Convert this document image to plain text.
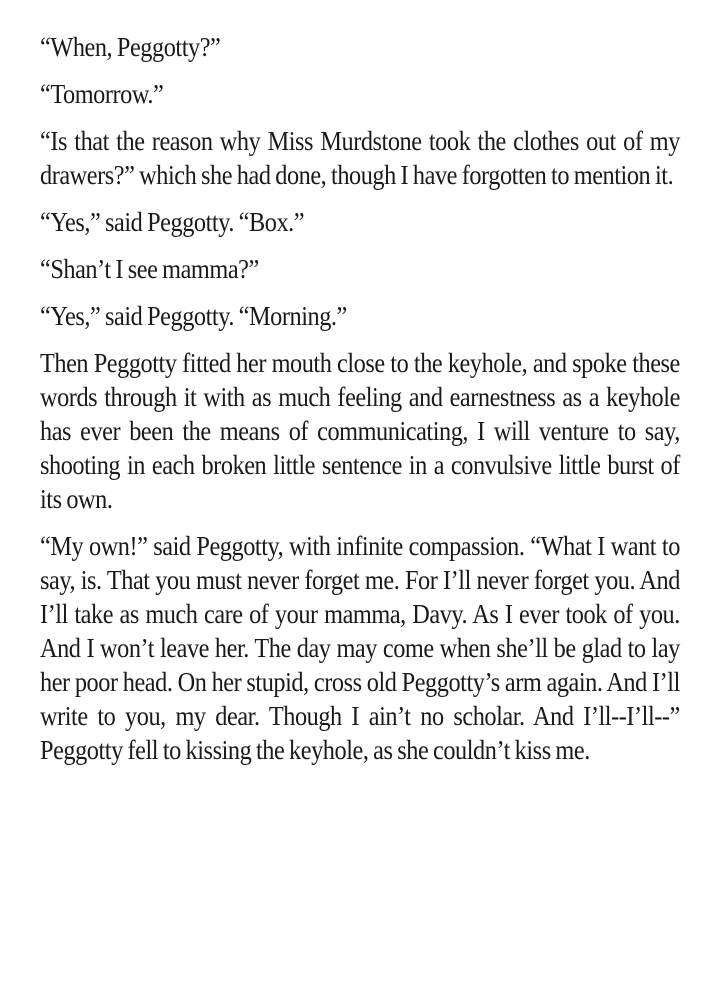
“When, Peggotty?”

“Tomorrow.”

“Is that the reason why Miss Murdstone took the clothes out of my drawers?” which she had done, though I have forgotten to mention it.

“Yes,” said Peggotty. “Box.”

“Shan’t I see mamma?”

“Yes,” said Peggotty. “Morning.”

Then Peggotty fitted her mouth close to the keyhole, and spoke these words through it with as much feeling and earnestness as a keyhole has ever been the means of communicating, I will venture to say, shooting in each broken little sentence in a convulsive little burst of its own.

“My own!” said Peggotty, with infinite compassion. “What I want to say, is. That you must never forget me. For I’ll never forget you. And I’ll take as much care of your mamma, Davy. As I ever took of you. And I won’t leave her. The day may come when she’ll be glad to lay her poor head. On her stupid, cross old Peggotty’s arm again. And I’ll write to you, my dear. Though I ain’t no scholar. And I’ll--I’ll--” Peggotty fell to kissing the keyhole, as she couldn’t kiss me.
